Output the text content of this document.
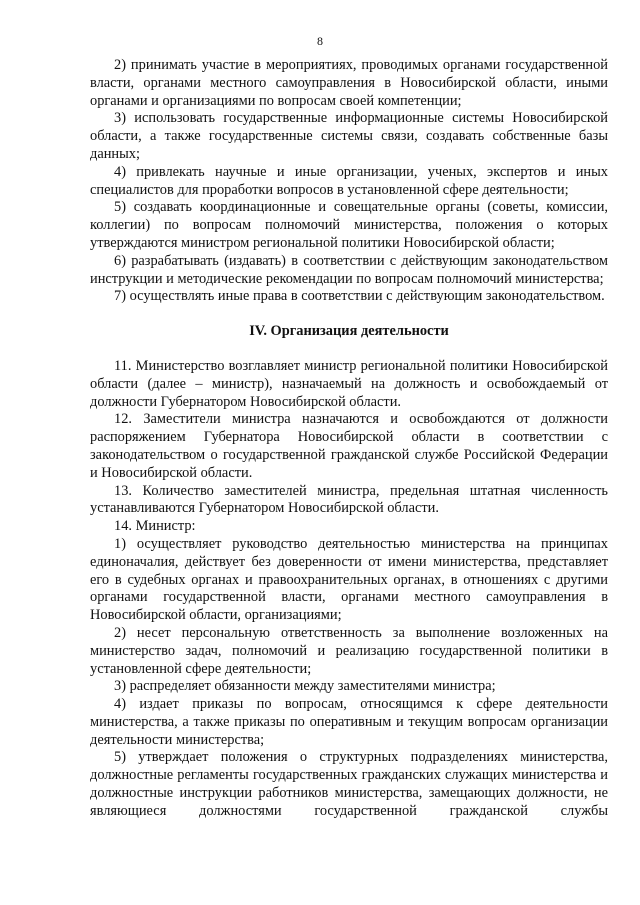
8

2) принимать участие в мероприятиях, проводимых органами государственной власти, органами местного самоуправления в Новосибирской области, иными органами и организациями по вопросам своей компетенции;

3) использовать государственные информационные системы Новосибирской области, а также государственные системы связи, создавать собственные базы данных;

4) привлекать научные и иные организации, ученых, экспертов и иных специалистов для проработки вопросов в установленной сфере деятельности;

5) создавать координационные и совещательные органы (советы, комиссии, коллегии) по вопросам полномочий министерства, положения о которых утверждаются министром региональной политики Новосибирской области;

6) разрабатывать (издавать) в соответствии с действующим законодательством инструкции и методические рекомендации по вопросам полномочий министерства;

7) осуществлять иные права в соответствии с действующим законодательством.

IV. Организация деятельности

11. Министерство возглавляет министр региональной политики Новосибирской области (далее – министр), назначаемый на должность и освобождаемый от должности Губернатором Новосибирской области.

12. Заместители министра назначаются и освобождаются от должности распоряжением Губернатора Новосибирской области в соответствии с законодательством о государственной гражданской службе Российской Федерации и Новосибирской области.

13. Количество заместителей министра, предельная штатная численность устанавливаются Губернатором Новосибирской области.

14. Министр:

1) осуществляет руководство деятельностью министерства на принципах единоначалия, действует без доверенности от имени министерства, представляет его в судебных органах и правоохранительных органах, в отношениях с другими органами государственной власти, органами местного самоуправления в Новосибирской области, организациями;

2) несет персональную ответственность за выполнение возложенных на министерство задач, полномочий и реализацию государственной политики в установленной сфере деятельности;

3) распределяет обязанности между заместителями министра;

4) издает приказы по вопросам, относящимся к сфере деятельности министерства, а также приказы по оперативным и текущим вопросам организации деятельности министерства;

5) утверждает положения о структурных подразделениях министерства, должностные регламенты государственных гражданских служащих министерства и должностные инструкции работников министерства, замещающих должности, не являющиеся должностями государственной гражданской службы
